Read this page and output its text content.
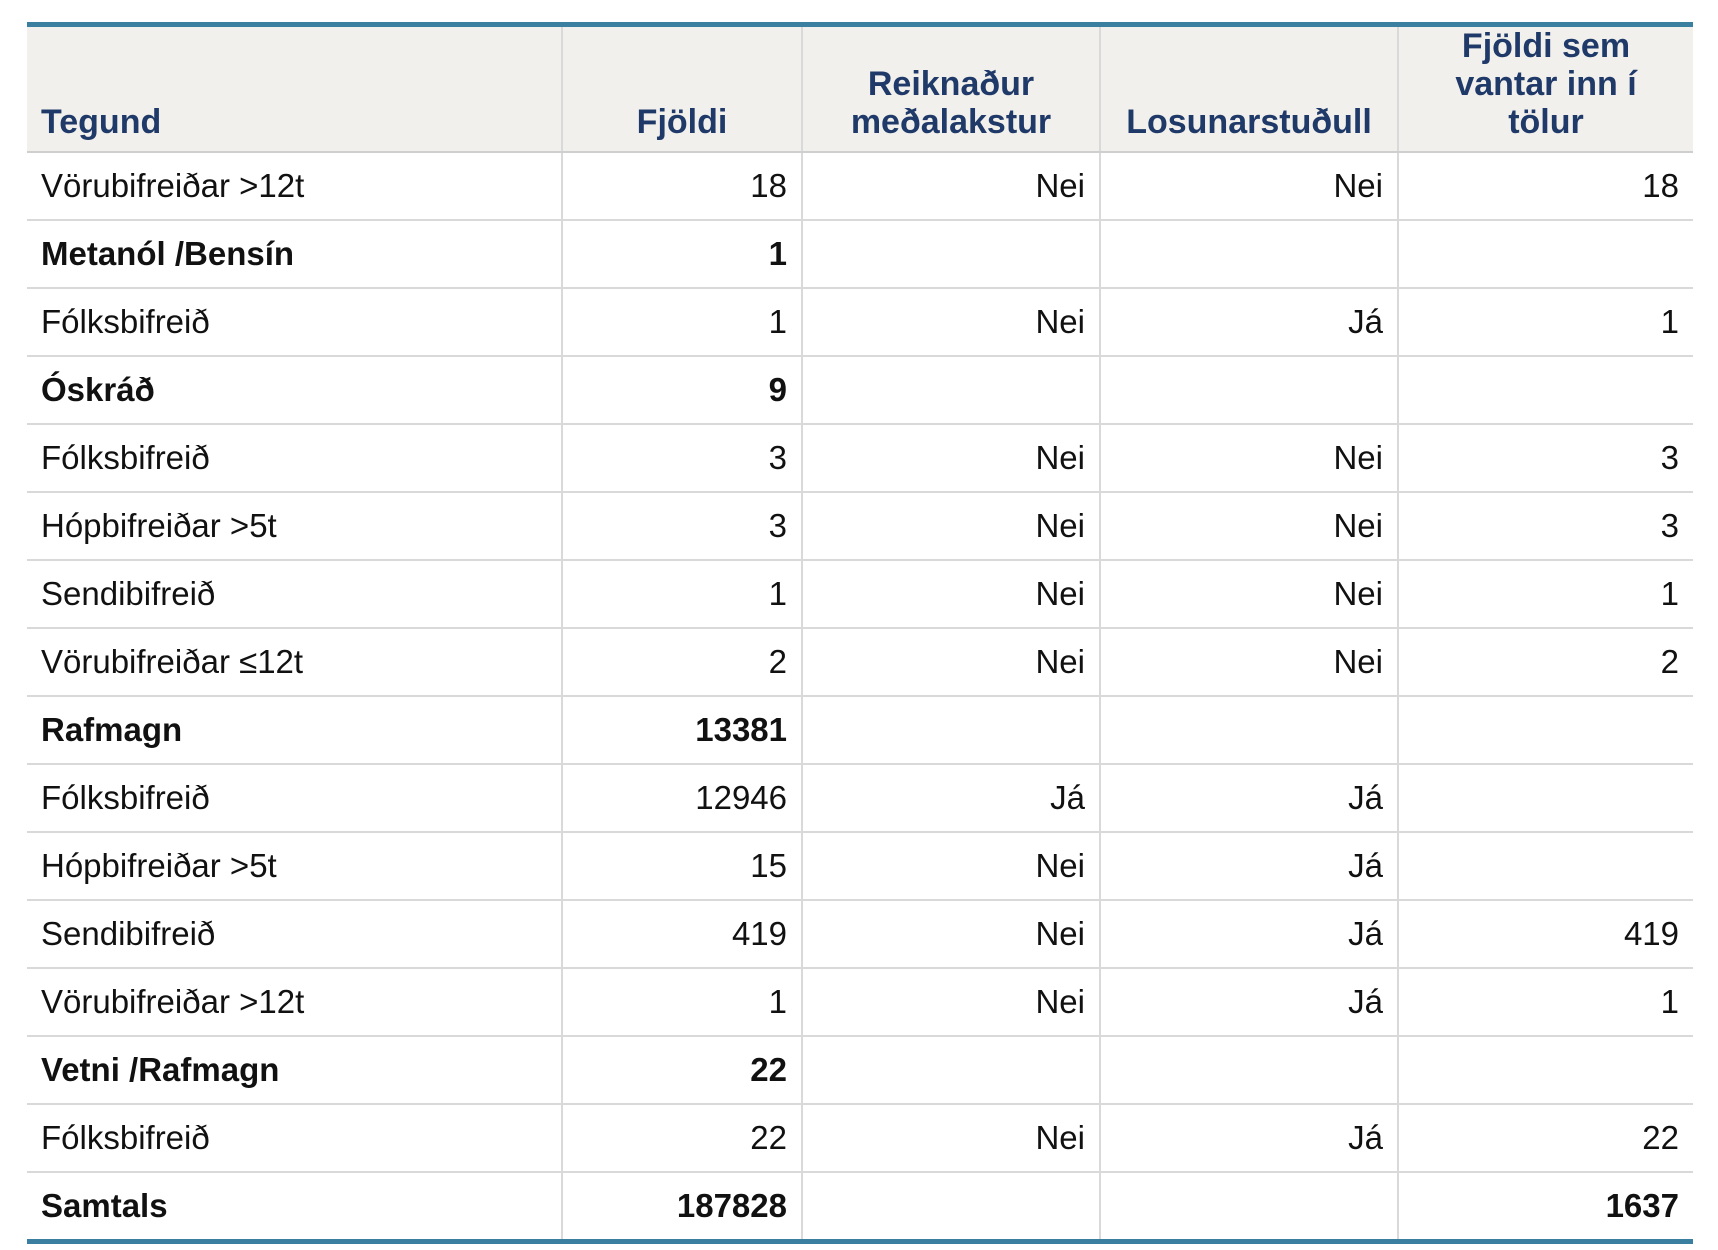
Tegund	Fjöldi	Reiknaður meðalakstur	Losunarstuðull	Fjöldi sem vantar inn í tölur
Vörubifreiðar >12t	18	Nei	Nei	18
Metanól /Bensín	1			
Fólksbifreið	1	Nei	Já	1
Óskráð	9			
Fólksbifreið	3	Nei	Nei	3
Hópbifreiðar >5t	3	Nei	Nei	3
Sendibifreið	1	Nei	Nei	1
Vörubifreiðar ≤12t	2	Nei	Nei	2
Rafmagn	13381			
Fólksbifreið	12946	Já	Já	
Hópbifreiðar >5t	15	Nei	Já	
Sendibifreið	419	Nei	Já	419
Vörubifreiðar >12t	1	Nei	Já	1
Vetni /Rafmagn	22			
Fólksbifreið	22	Nei	Já	22
Samtals	187828			1637
